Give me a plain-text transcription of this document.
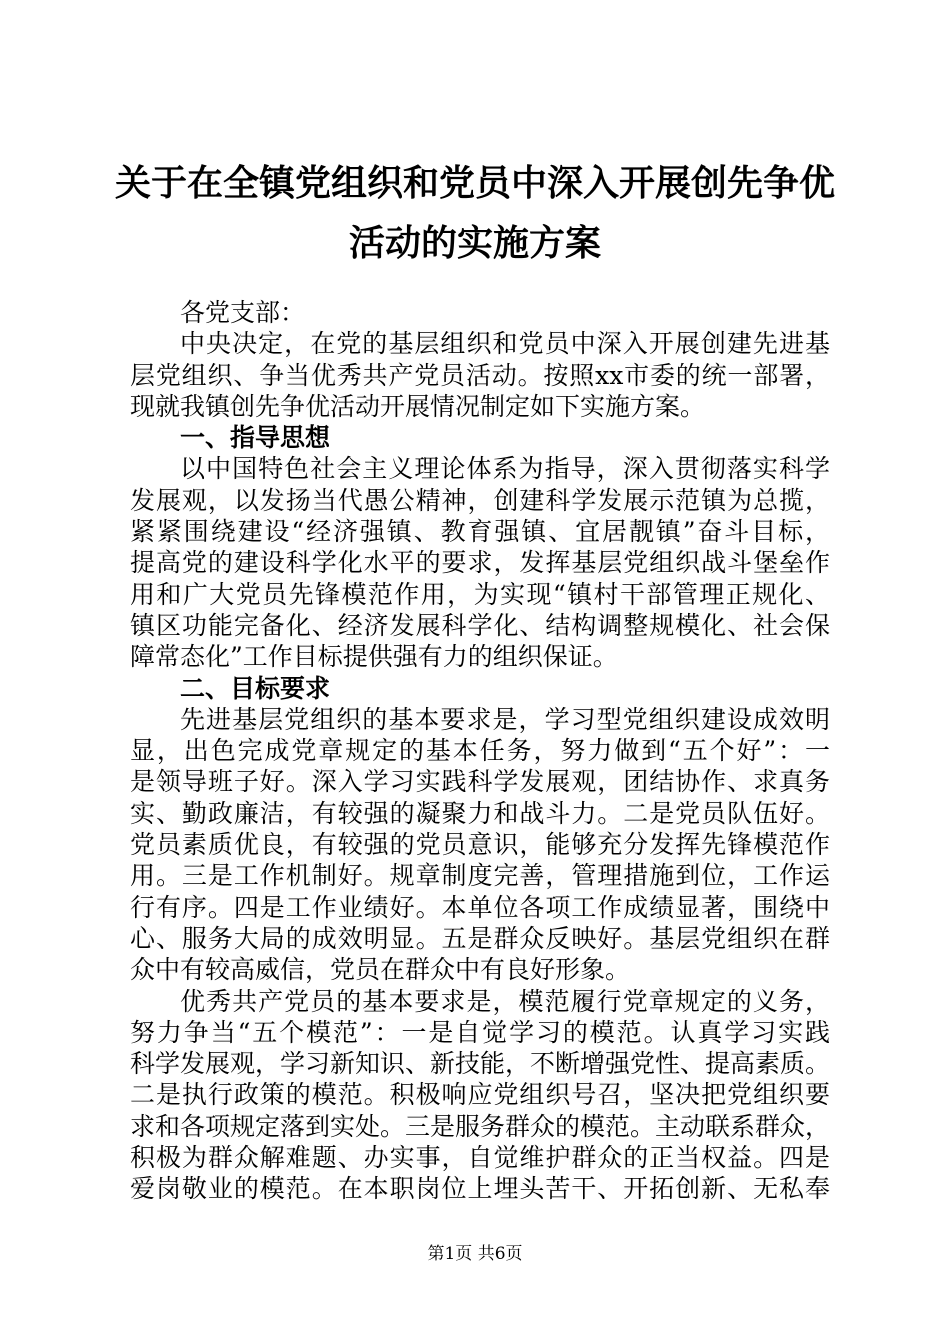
关于在全镇党组织和党员中深入开展创先争优
活动的实施方案
各党支部：
中央决定，在党的基层组织和党员中深入开展创建先进基
层党组织、争当优秀共产党员活动。按照xx市委的统一部署，
现就我镇创先争优活动开展情况制定如下实施方案。
一、指导思想
以中国特色社会主义理论体系为指导，深入贯彻落实科学
发展观，以发扬当代愚公精神，创建科学发展示范镇为总揽，
紧紧围绕建设“经济强镇、教育强镇、宜居靓镇”奋斗目标，
提高党的建设科学化水平的要求，发挥基层党组织战斗堡垒作
用和广大党员先锋模范作用，为实现“镇村干部管理正规化、
镇区功能完备化、经济发展科学化、结构调整规模化、社会保
障常态化”工作目标提供强有力的组织保证。
二、目标要求
先进基层党组织的基本要求是，学习型党组织建设成效明
显，出色完成党章规定的基本任务，努力做到“五个好”：一
是领导班子好。深入学习实践科学发展观，团结协作、求真务
实、勤政廉洁，有较强的凝聚力和战斗力。二是党员队伍好。
党员素质优良，有较强的党员意识，能够充分发挥先锋模范作
用。三是工作机制好。规章制度完善，管理措施到位，工作运
行有序。四是工作业绩好。本单位各项工作成绩显著，围绕中
心、服务大局的成效明显。五是群众反映好。基层党组织在群
众中有较高威信，党员在群众中有良好形象。
优秀共产党员的基本要求是，模范履行党章规定的义务，
努力争当“五个模范”：一是自觉学习的模范。认真学习实践
科学发展观，学习新知识、新技能，不断增强党性、提高素质。
二是执行政策的模范。积极响应党组织号召，坚决把党组织要
求和各项规定落到实处。三是服务群众的模范。主动联系群众，
积极为群众解难题、办实事，自觉维护群众的正当权益。四是
爱岗敬业的模范。在本职岗位上埋头苦干、开拓创新、无私奉
第1页 共6页
